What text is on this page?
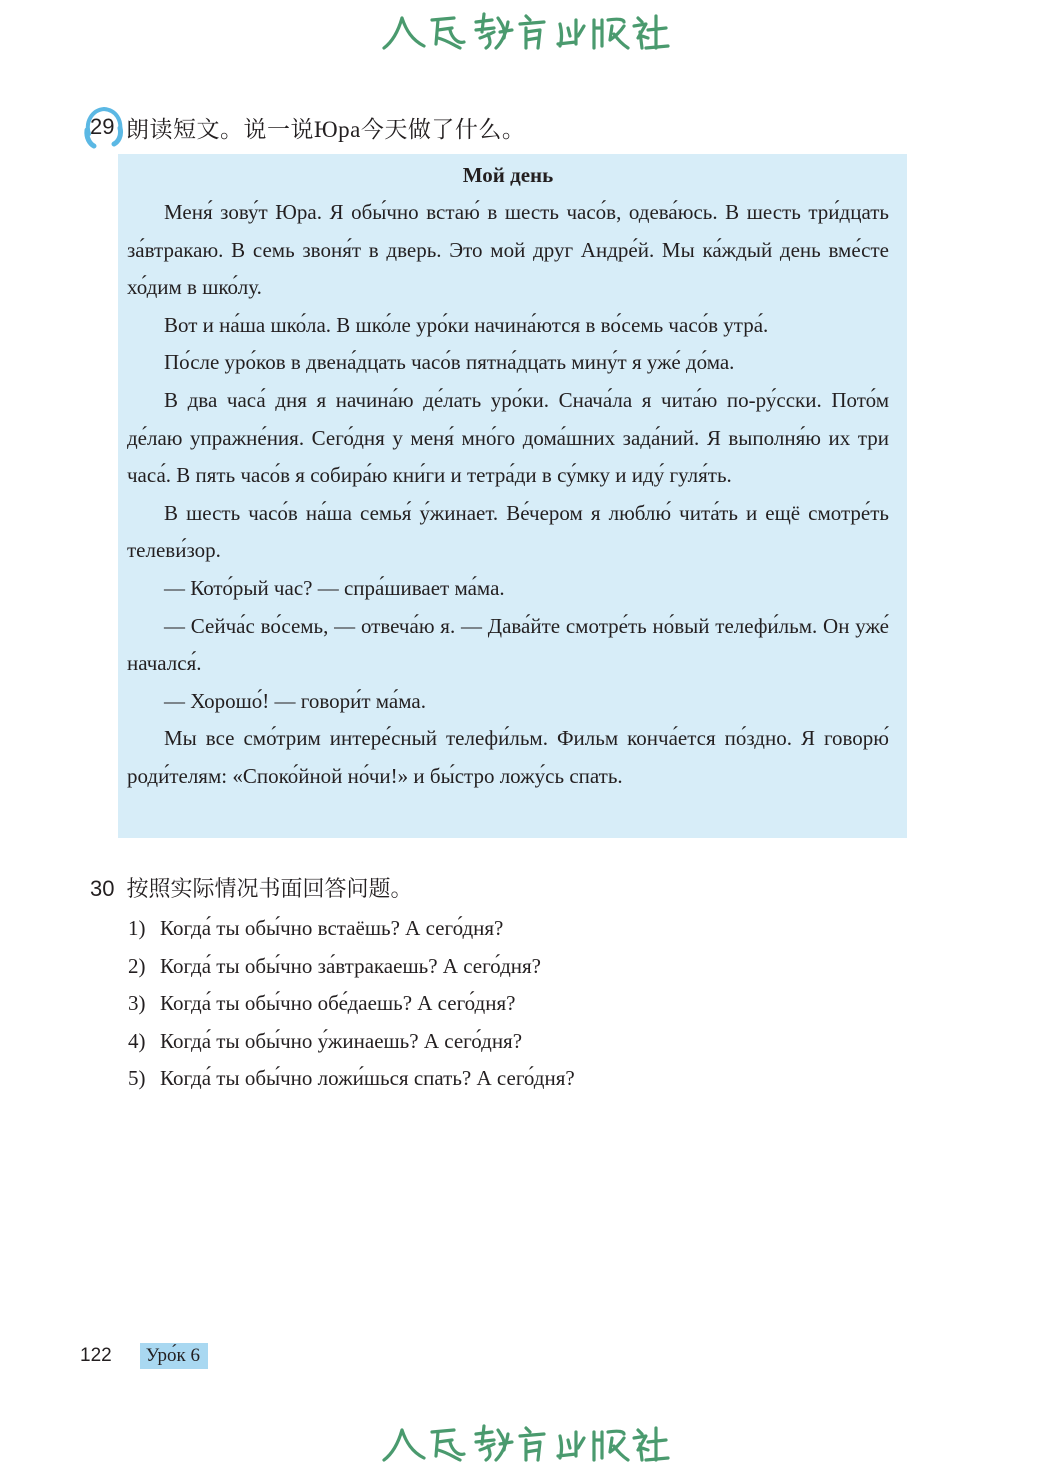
29 朗读短文。说一说Юра今天做了什么。
Мой день

Меня́ зову́т Юра. Я обы́чно встаю́ в шесть часо́в, одева́юсь. В шесть три́дцать за́втракаю. В семь звоня́т в дверь. Это мой друг Андре́й. Мы ка́ждый день вме́сте хо́дим в шко́лу.

Вот и на́ша шко́ла. В шко́ле уро́ки начина́ются в во́семь часо́в утра́.

По́сле уро́ков в двена́дцать часо́в пятна́дцать мину́т я уже́ до́ма.

В два часа́ дня я начина́ю де́лать уро́ки. Снача́ла я чита́ю по-ру́сски. Пото́м де́лаю упражне́ния. Сего́дня у меня́ мно́го дома́шних зада́ний. Я выполня́ю их три часа́. В пять часо́в я собира́ю кни́ги и тетра́ди в су́мку и иду́ гуля́ть.

В шесть часо́в на́ша семья́ у́жинает. Ве́чером я люблю́ чита́ть и ещё смотре́ть телеви́зор.

— Кото́рый час? — спра́шивает ма́ма.

— Сейча́с во́семь, — отвеча́ю я. — Дава́йте смотре́ть но́вый телефи́льм. Он уже́ начался́.

— Хорошо́! — говори́т ма́ма.

Мы все смо́трим интере́сный телефи́льм. Фильм конча́ется по́здно. Я говорю́ роди́телям: «Споко́йной но́чи!» и бы́стро ложу́сь спать.

30 按照实际情况书面回答问题。
1) Когда́ ты обы́чно встаёшь? А сего́дня?
2) Когда́ ты обы́чно за́втракаешь? А сего́дня?
3) Когда́ ты обы́чно обе́даешь? А сего́дня?
4) Когда́ ты обы́чно у́жинаешь? А сего́дня?
5) Когда́ ты обы́чно ложи́шься спать? А сего́дня?
122	Уро́к 6
